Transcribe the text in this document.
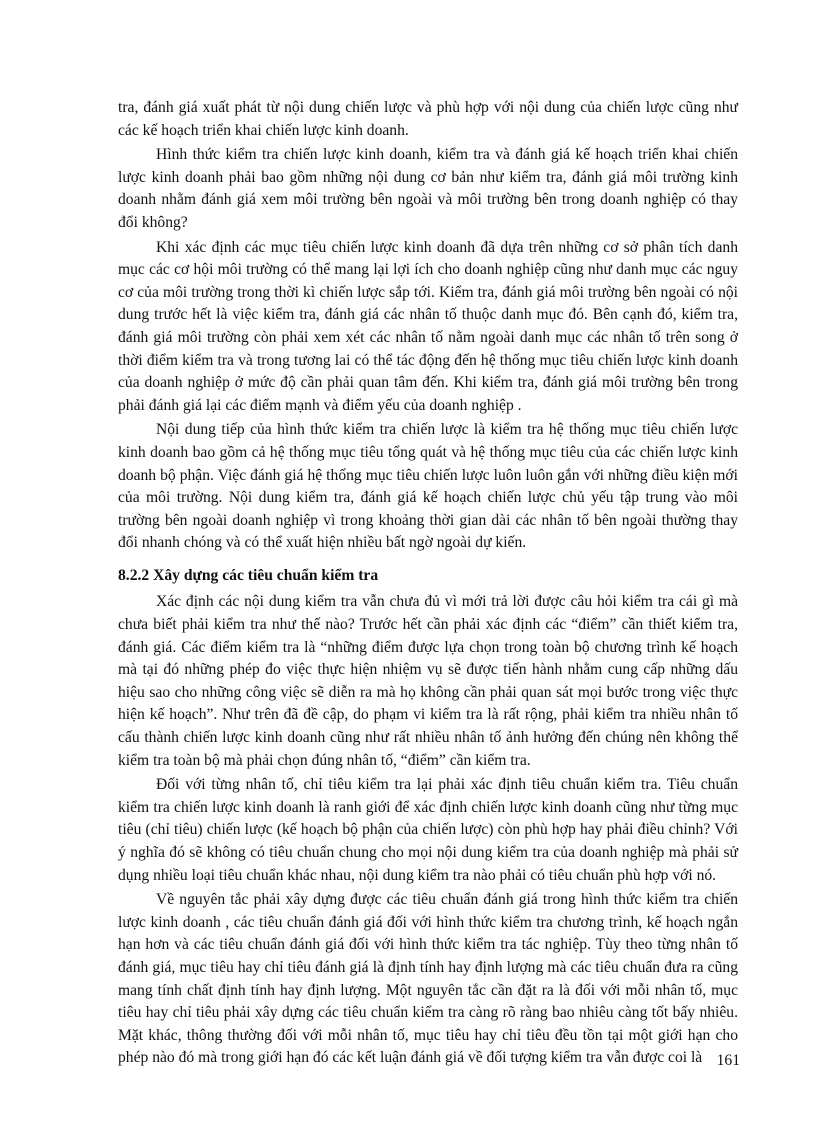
tra, đánh giá xuất phát từ nội dung chiến lược và phù hợp với nội dung của chiến lược cũng như các kế hoạch triển khai chiến lược kinh doanh.

Hình thức kiểm tra chiến lược kinh doanh, kiểm tra và đánh giá kế hoạch triển khai chiến lược kinh doanh phải bao gồm những nội dung cơ bản như kiểm tra, đánh giá môi trường kinh doanh nhằm đánh giá xem môi trường bên ngoài và môi trường bên trong doanh nghiệp có thay đổi không?

Khi xác định các mục tiêu chiến lược kinh doanh đã dựa trên những cơ sở phân tích danh mục các cơ hội môi trường có thể mang lại lợi ích cho doanh nghiệp cũng như danh mục các nguy cơ của môi trường trong thời kì chiến lược sắp tới. Kiểm tra, đánh giá môi trường bên ngoài có nội dung trước hết là việc kiểm tra, đánh giá các nhân tố thuộc danh mục đó. Bên cạnh đó, kiểm tra, đánh giá môi trường còn phải xem xét các nhân tố nằm ngoài danh mục các nhân tố trên song ở thời điểm kiểm tra và trong tương lai có thể tác động đến hệ thống mục tiêu chiến lược kinh doanh của doanh nghiệp ở mức độ cần phải quan tâm đến. Khi kiểm tra, đánh giá môi trường bên trong phải đánh giá lại các điểm mạnh và điểm yếu của doanh nghiệp .

Nội dung tiếp của hình thức kiểm tra chiến lược là kiểm tra hệ thống mục tiêu chiến lược kinh doanh bao gồm cả hệ thống mục tiêu tổng quát và hệ thống mục tiêu của các chiến lược kinh doanh bộ phận. Việc đánh giá hệ thống mục tiêu chiến lược luôn luôn gắn với những điều kiện mới của môi trường. Nội dung kiểm tra, đánh giá kế hoạch chiến lược chủ yếu tập trung vào môi trường bên ngoài doanh nghiệp vì trong khoảng thời gian dài các nhân tố bên ngoài thường thay đổi nhanh chóng và có thể xuất hiện nhiều bất ngờ ngoài dự kiến.

8.2.2 Xây dựng các tiêu chuẩn kiểm tra

Xác định các nội dung kiểm tra vẫn chưa đủ vì mới trả lời được câu hỏi kiểm tra cái gì mà chưa biết phải kiểm tra như thế nào? Trước hết cần phải xác định các “điểm” cần thiết kiểm tra, đánh giá. Các điểm kiểm tra là “những điểm được lựa chọn trong toàn bộ chương trình kế hoạch mà tại đó những phép đo việc thực hiện nhiệm vụ sẽ được tiến hành nhằm cung cấp những dấu hiệu sao cho những công việc sẽ diễn ra mà họ không cần phải quan sát mọi bước trong việc thực hiện kế hoạch”. Như trên đã đề cập, do phạm vi kiểm tra là rất rộng, phải kiểm tra nhiều nhân tố cấu thành chiến lược kinh doanh cũng như rất nhiều nhân tố ảnh hưởng đến chúng nên không thể kiểm tra toàn bộ mà phải chọn đúng nhân tố, “điểm” cần kiểm tra.

Đối với từng nhân tố, chỉ tiêu kiểm tra lại phải xác định tiêu chuẩn kiểm tra. Tiêu chuẩn kiểm tra chiến lược kinh doanh là ranh giới để xác định chiến lược kinh doanh cũng như từng mục tiêu (chỉ tiêu) chiến lược (kế hoạch bộ phận của chiến lược) còn phù hợp hay phải điều chỉnh? Với ý nghĩa đó sẽ không có tiêu chuẩn chung cho mọi nội dung kiểm tra của doanh nghiệp mà phải sử dụng nhiều loại tiêu chuẩn khác nhau, nội dung kiểm tra nào phải có tiêu chuẩn phù hợp với nó.

Về nguyên tắc phải xây dựng được các tiêu chuẩn đánh giá trong hình thức kiểm tra chiến lược kinh doanh , các tiêu chuẩn đánh giá đối với hình thức kiểm tra chương trình, kế hoạch ngắn hạn hơn và các tiêu chuẩn đánh giá đối với hình thức kiểm tra tác nghiệp. Tùy theo từng nhân tố đánh giá, mục tiêu hay chỉ tiêu đánh giá là định tính hay định lượng mà các tiêu chuẩn đưa ra cũng mang tính chất định tính hay định lượng. Một nguyên tắc cần đặt ra là đối với mỗi nhân tố, mục tiêu hay chỉ tiêu phải xây dựng các tiêu chuẩn kiểm tra càng rõ ràng bao nhiêu càng tốt bấy nhiêu. Mặt khác, thông thường đối với mỗi nhân tố, mục tiêu hay chỉ tiêu đều tồn tại một giới hạn cho phép nào đó mà trong giới hạn đó các kết luận đánh giá về đối tượng kiểm tra vẫn được coi là 161
